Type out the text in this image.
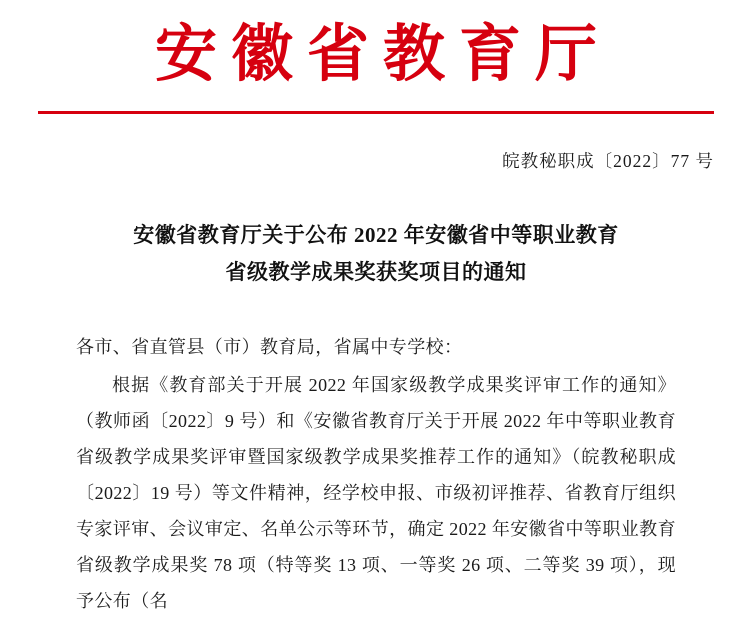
安徽省教育厅
皖教秘职成〔2022〕77 号
安徽省教育厅关于公布 2022 年安徽省中等职业教育
省级教学成果奖获奖项目的通知
各市、省直管县（市）教育局，省属中专学校：
根据《教育部关于开展 2022 年国家级教学成果奖评审工作的通知》（教师函〔2022〕9 号）和《安徽省教育厅关于开展 2022 年中等职业教育省级教学成果奖评审暨国家级教学成果奖推荐工作的通知》（皖教秘职成〔2022〕19 号）等文件精神，经学校申报、市级初评推荐、省教育厅组织专家评审、会议审定、名单公示等环节，确定 2022 年安徽省中等职业教育省级教学成果奖 78 项（特等奖 13 项、一等奖 26 项、二等奖 39 项），现予公布（名
